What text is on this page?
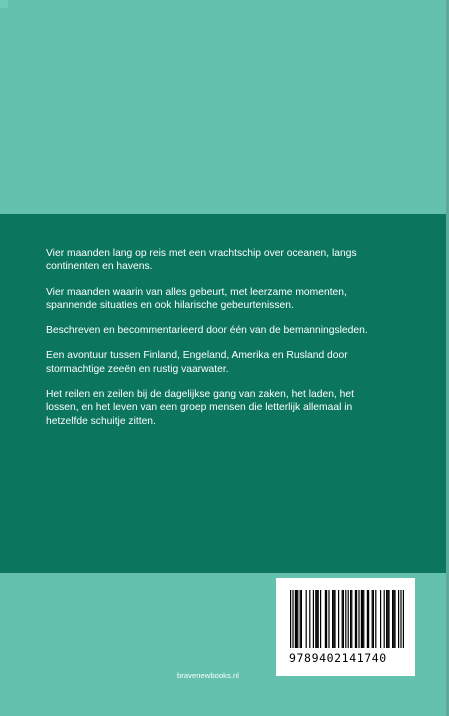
Vier maanden lang op reis met een vrachtschip over oceanen, langs continenten en havens.

Vier maanden waarin van alles gebeurt, met leerzame momenten, spannende situaties en ook hilarische gebeurtenissen.

Beschreven en becommentarieerd door één van de bemanningsleden.

Een avontuur tussen Finland, Engeland, Amerika en Rusland door stormachtige zeeën en rustig vaarwater.

Het reilen en zeilen bij de dagelijkse gang van zaken, het laden, het lossen, en het leven van een groep mensen die letterlijk allemaal in hetzelfde schuitje zitten.

bravenewbooks.nl
9789402141740
